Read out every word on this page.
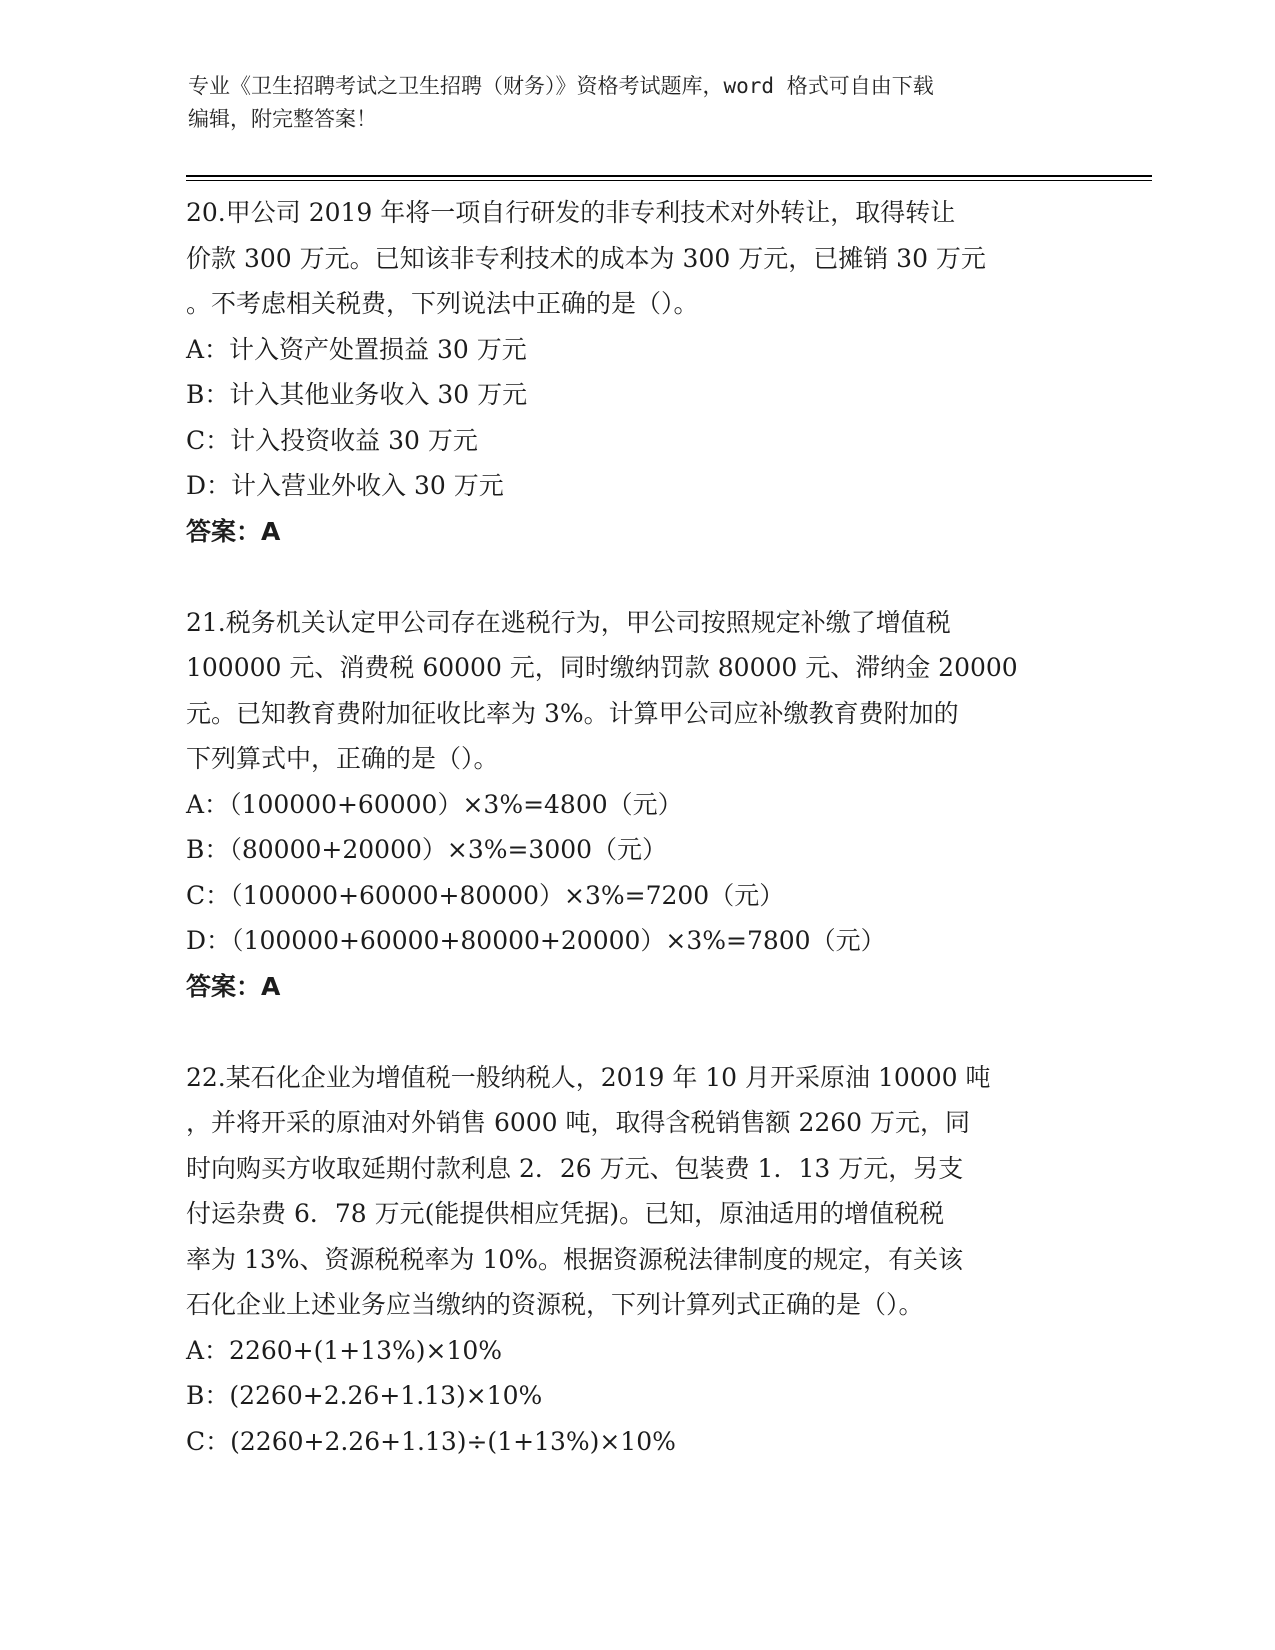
专业《卫生招聘考试之卫生招聘（财务）》资格考试题库，word 格式可自由下载
编辑，附完整答案！
20.甲公司 2019 年将一项自行研发的非专利技术对外转让，取得转让
价款 300 万元。已知该非专利技术的成本为 300 万元，已摊销 30 万元
。不考虑相关税费，下列说法中正确的是（）。
A：计入资产处置损益 30 万元
B：计入其他业务收入 30 万元
C：计入投资收益 30 万元
D：计入营业外收入 30 万元
答案：A
21.税务机关认定甲公司存在逃税行为，甲公司按照规定补缴了增值税
100000 元、消费税 60000 元，同时缴纳罚款 80000 元、滞纳金 20000
元。已知教育费附加征收比率为 3%。计算甲公司应补缴教育费附加的
下列算式中，正确的是（）。
A：（100000+60000）×3%=4800（元）
B：（80000+20000）×3%=3000（元）
C：（100000+60000+80000）×3%=7200（元）
D：（100000+60000+80000+20000）×3%=7800（元）
答案：A
22.某石化企业为增值税一般纳税人，2019 年 10 月开采原油 10000 吨
，并将开采的原油对外销售 6000 吨，取得含税销售额 2260 万元，同
时向购买方收取延期付款利息 2．26 万元、包装费 1．13 万元，另支
付运杂费 6．78 万元(能提供相应凭据)。已知，原油适用的增值税税
率为 13%、资源税税率为 10%。根据资源税法律制度的规定，有关该
石化企业上述业务应当缴纳的资源税，下列计算列式正确的是（）。
A：2260+(1+13%)×10%
B：(2260+2.26+1.13)×10%
C：(2260+2.26+1.13)÷(1+13%)×10%
